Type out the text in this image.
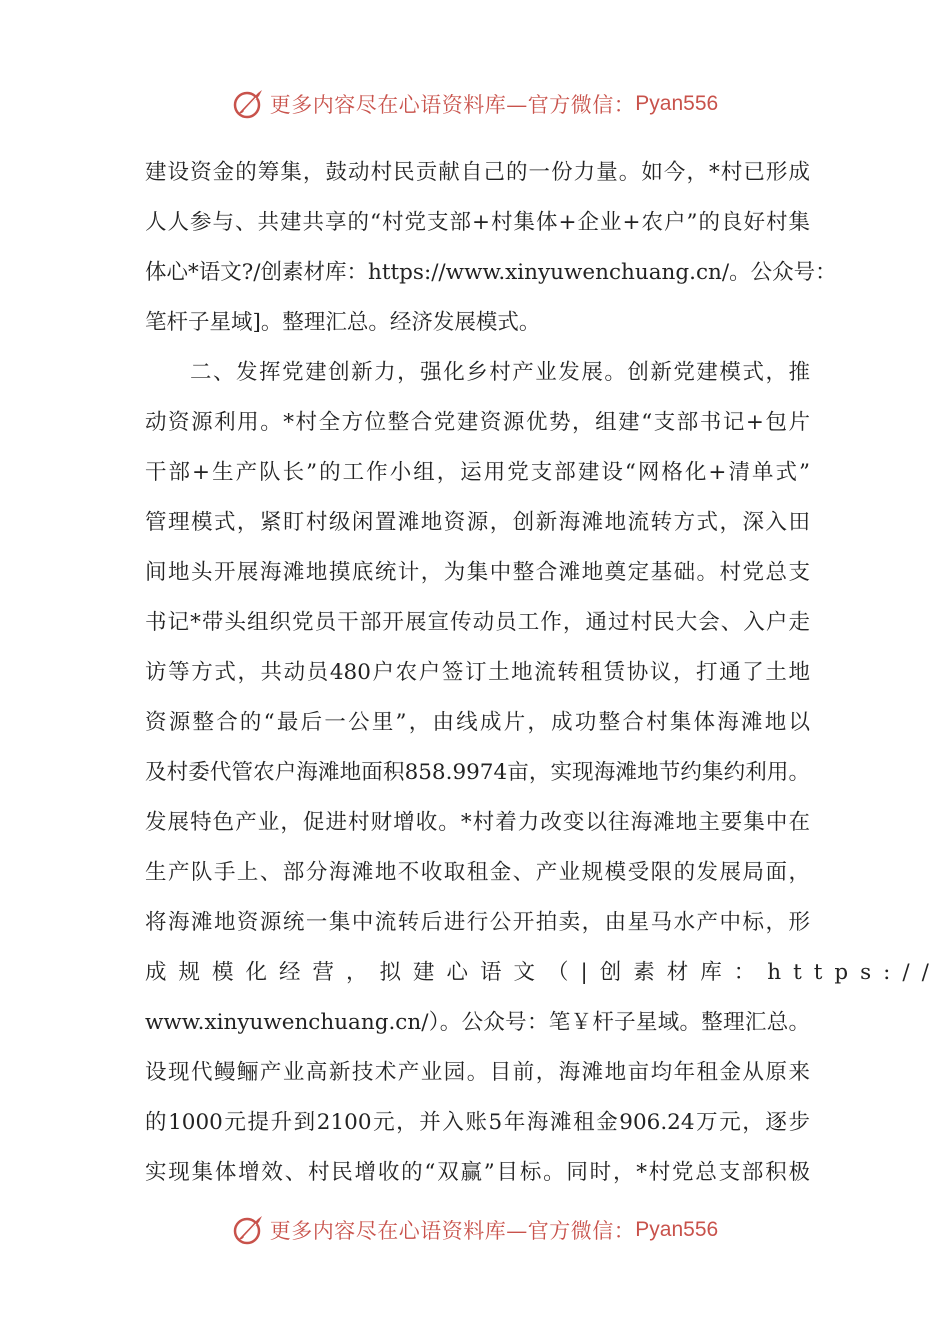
更多内容尽在心语资料库—官方微信： Pyan556
建设资金的筹集，鼓动村民贡献自己的一份力量。如今，*村已形成
人人参与、共建共享的“村党支部+村集体+企业+农户”的良好村集
体心*语文?/创素材库：https://www.xinyuwenchuang.cn/。公众号：
笔杆子星域]。整理汇总。经济发展模式。
二、发挥党建创新力，强化乡村产业发展。创新党建模式，推
动资源利用。*村全方位整合党建资源优势，组建“支部书记+包片
干部+生产队长”的工作小组，运用党支部建设“网格化+清单式”
管理模式，紧盯村级闲置滩地资源，创新海滩地流转方式，深入田
间地头开展海滩地摸底统计，为集中整合滩地奠定基础。村党总支
书记*带头组织党员干部开展宣传动员工作，通过村民大会、入户走
访等方式，共动员480户农户签订土地流转租赁协议，打通了土地
资源整合的“最后一公里”，由线成片，成功整合村集体海滩地以
及村委代管农户海滩地面积858.9974亩，实现海滩地节约集约利用。
发展特色产业，促进村财增收。*村着力改变以往海滩地主要集中在
生产队手上、部分海滩地不收取租金、产业规模受限的发展局面，
将海滩地资源统一集中流转后进行公开拍卖，由星马水产中标，形
成规模化经营，拟建心语文（|创素材库：https://
www.xinyuwenchuang.cn/）。公众号：笔￥杆子星域。整理汇总。
设现代鳗鲡产业高新技术产业园。目前，海滩地亩均年租金从原来
的1000元提升到2100元，并入账5年海滩租金906.24万元，逐步
实现集体增效、村民增收的“双赢”目标。同时，*村党总支部积极
更多内容尽在心语资料库—官方微信： Pyan556
